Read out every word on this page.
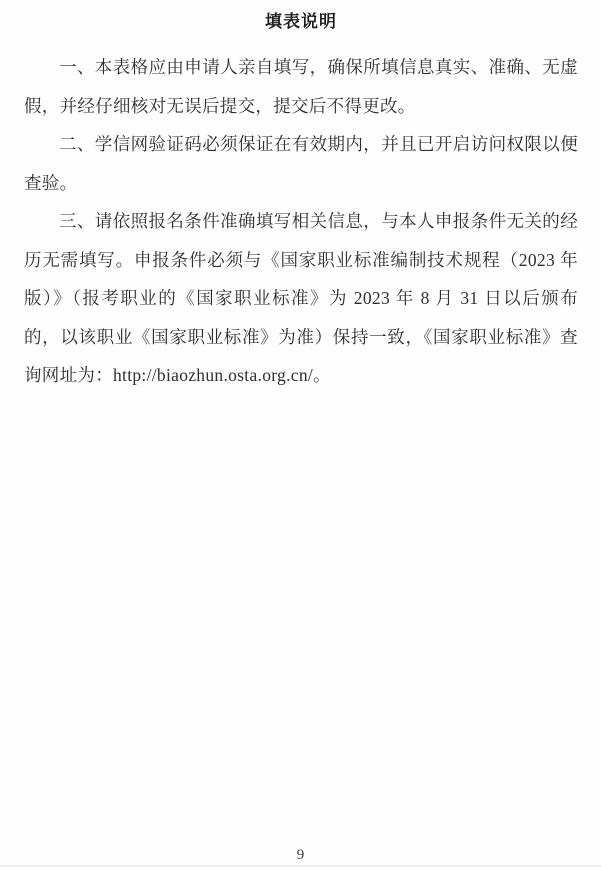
填表说明

一、本表格应由申请人亲自填写，确保所填信息真实、准确、无虚假，并经仔细核对无误后提交，提交后不得更改。

二、学信网验证码必须保证在有效期内，并且已开启访问权限以便查验。

三、请依照报名条件准确填写相关信息，与本人申报条件无关的经历无需填写。申报条件必须与《国家职业标准编制技术规程（2023 年版）》（报考职业的《国家职业标准》为 2023 年 8 月 31 日以后颁布的，以该职业《国家职业标准》为准）保持一致，《国家职业标准》查询网址为：http://biaozhun.osta.org.cn/。

9
